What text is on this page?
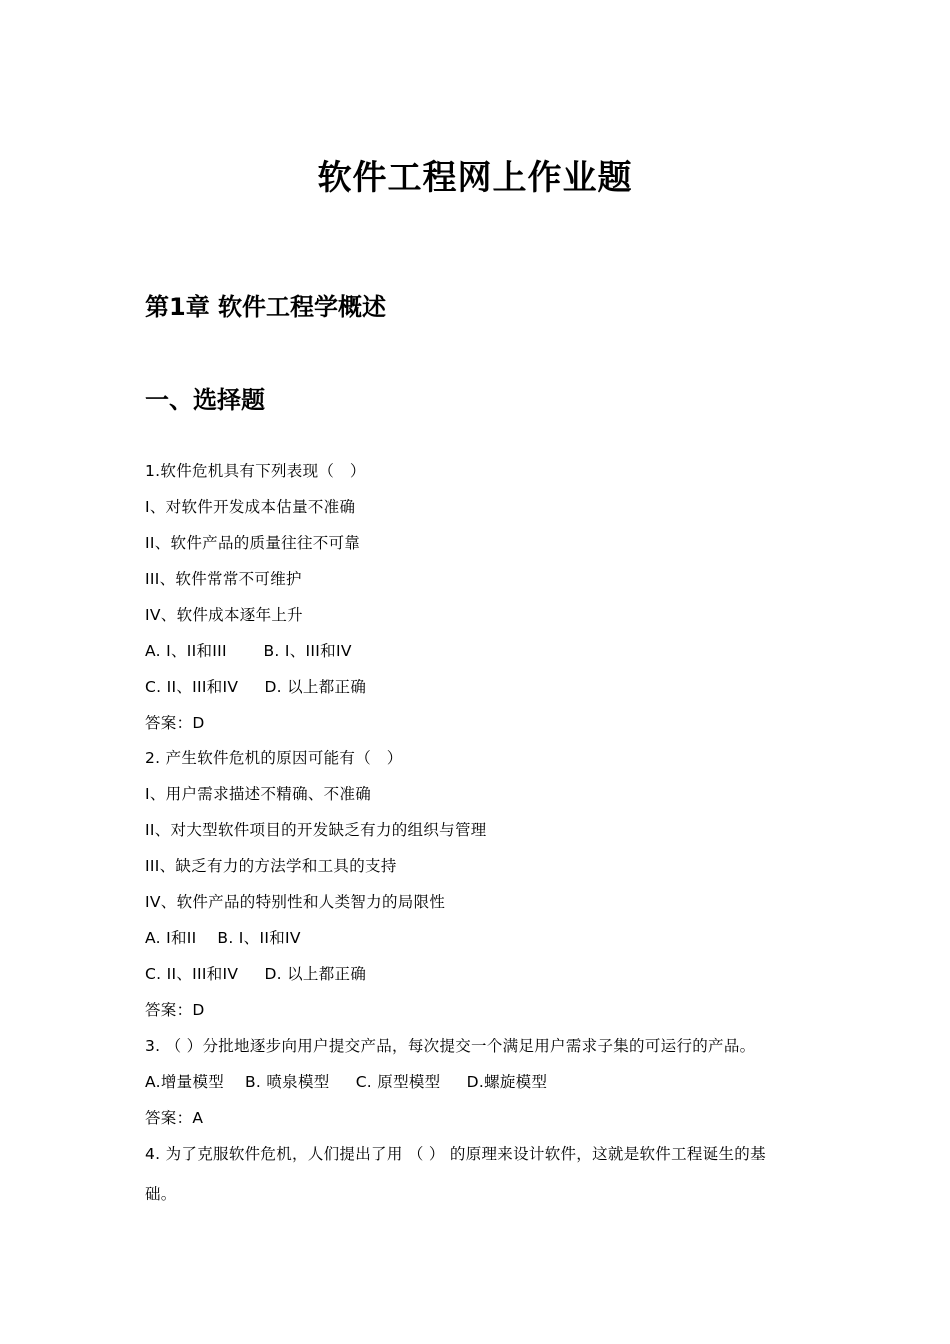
软件工程网上作业题
第1章 软件工程学概述
一、选择题
1.软件危机具有下列表现（   ）
I、对软件开发成本估量不准确
II、软件产品的质量往往不可靠
III、软件常常不可维护
IV、软件成本逐年上升
A. I、II和III       B. I、III和IV
C. II、III和IV     D. 以上都正确
答案：D
2. 产生软件危机的原因可能有（   ）
I、用户需求描述不精确、不准确
II、对大型软件项目的开发缺乏有力的组织与管理
III、缺乏有力的方法学和工具的支持
IV、软件产品的特别性和人类智力的局限性
A. I和II    B. I、II和IV
C. II、III和IV     D. 以上都正确
答案：D
3. （ ）分批地逐步向用户提交产品，每次提交一个满足用户需求子集的可运行的产品。
A.增量模型    B. 喷泉模型     C. 原型模型     D.螺旋模型
答案：A
4. 为了克服软件危机，人们提出了用 （ ） 的原理来设计软件，这就是软件工程诞生的基
础。
